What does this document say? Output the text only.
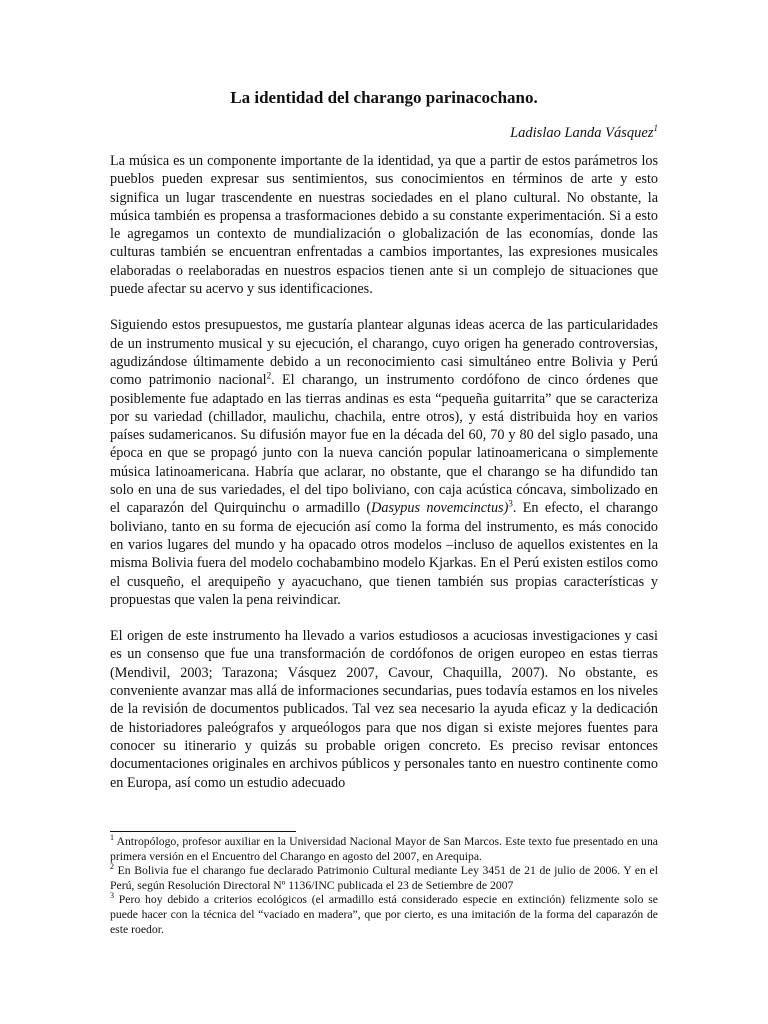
La identidad del charango parinacochano.
Ladislao Landa Vásquez$^1$

La música es un componente importante de la identidad, ya que a partir de estos parámetros los pueblos pueden expresar sus sentimientos, sus conocimientos en términos de arte y esto significa un lugar trascendente en nuestras sociedades en el plano cultural. No obstante, la música también es propensa a trasformaciones debido a su constante experimentación. Si a esto le agregamos un contexto de mundialización o globalización de las economías, donde las culturas también se encuentran enfrentadas a cambios importantes, las expresiones musicales elaboradas o reelaboradas en nuestros espacios tienen ante si un complejo de situaciones que puede afectar su acervo y sus identificaciones.

Siguiendo estos presupuestos, me gustaría plantear algunas ideas acerca de las particularidades de un instrumento musical y su ejecución, el charango, cuyo origen ha generado controversias, agudizándose últimamente debido a un reconocimiento casi simultáneo entre Bolivia y Perú como patrimonio nacional$^2$. El charango, un instrumento cordófono de cinco órdenes que posiblemente fue adaptado en las tierras andinas es esta “pequeña guitarrita” que se caracteriza por su variedad (chillador, maulichu, chachila, entre otros), y está distribuida hoy en varios países sudamericanos. Su difusión mayor fue en la década del 60, 70 y 80 del siglo pasado, una época en que se propagó junto con la nueva canción popular latinoamericana o simplemente música latinoamericana. Habría que aclarar, no obstante, que el charango se ha difundido tan solo en una de sus variedades, el del tipo boliviano, con caja acústica cóncava, simbolizado en el caparazón del Quirquinchu o armadillo (Dasypus novemcinctus)$^3$. En efecto, el charango boliviano, tanto en su forma de ejecución así como la forma del instrumento, es más conocido en varios lugares del mundo y ha opacado otros modelos –incluso de aquellos existentes en la misma Bolivia fuera del modelo cochabambino modelo Kjarkas. En el Perú existen estilos como el cusqueño, el arequipeño y ayacuchano, que tienen también sus propias características y propuestas que valen la pena reivindicar.

El origen de este instrumento ha llevado a varios estudiosos a acuciosas investigaciones y casi es un consenso que fue una transformación de cordófonos de origen europeo en estas tierras (Mendivil, 2003; Tarazona; Vásquez 2007, Cavour, Chaquilla, 2007). No obstante, es conveniente avanzar mas allá de informaciones secundarias, pues todavía estamos en los niveles de la revisión de documentos publicados. Tal vez sea necesario la ayuda eficaz y la dedicación de historiadores paleógrafos y arqueólogos para que nos digan si existe mejores fuentes para conocer su itinerario y quizás su probable origen concreto. Es preciso revisar entonces documentaciones originales en archivos públicos y personales tanto en nuestro continente como en Europa, así como un estudio adecuado

$^1$ Antropólogo, profesor auxiliar en la Universidad Nacional Mayor de San Marcos. Este texto fue presentado en una primera versión en el Encuentro del Charango en agosto del 2007, en Arequipa.

$^2$ En Bolivia fue el charango fue declarado Patrimonio Cultural mediante Ley 3451 de 21 de julio de 2006. Y en el Perú, según Resolución Directoral Nº 1136/INC publicada el 23 de Setiembre de 2007

$^3$ Pero hoy debido a criterios ecológicos (el armadillo está considerado especie en extinción) felizmente solo se puede hacer con la técnica del “vaciado en madera”, que por cierto, es una imitación de la forma del caparazón de este roedor.
